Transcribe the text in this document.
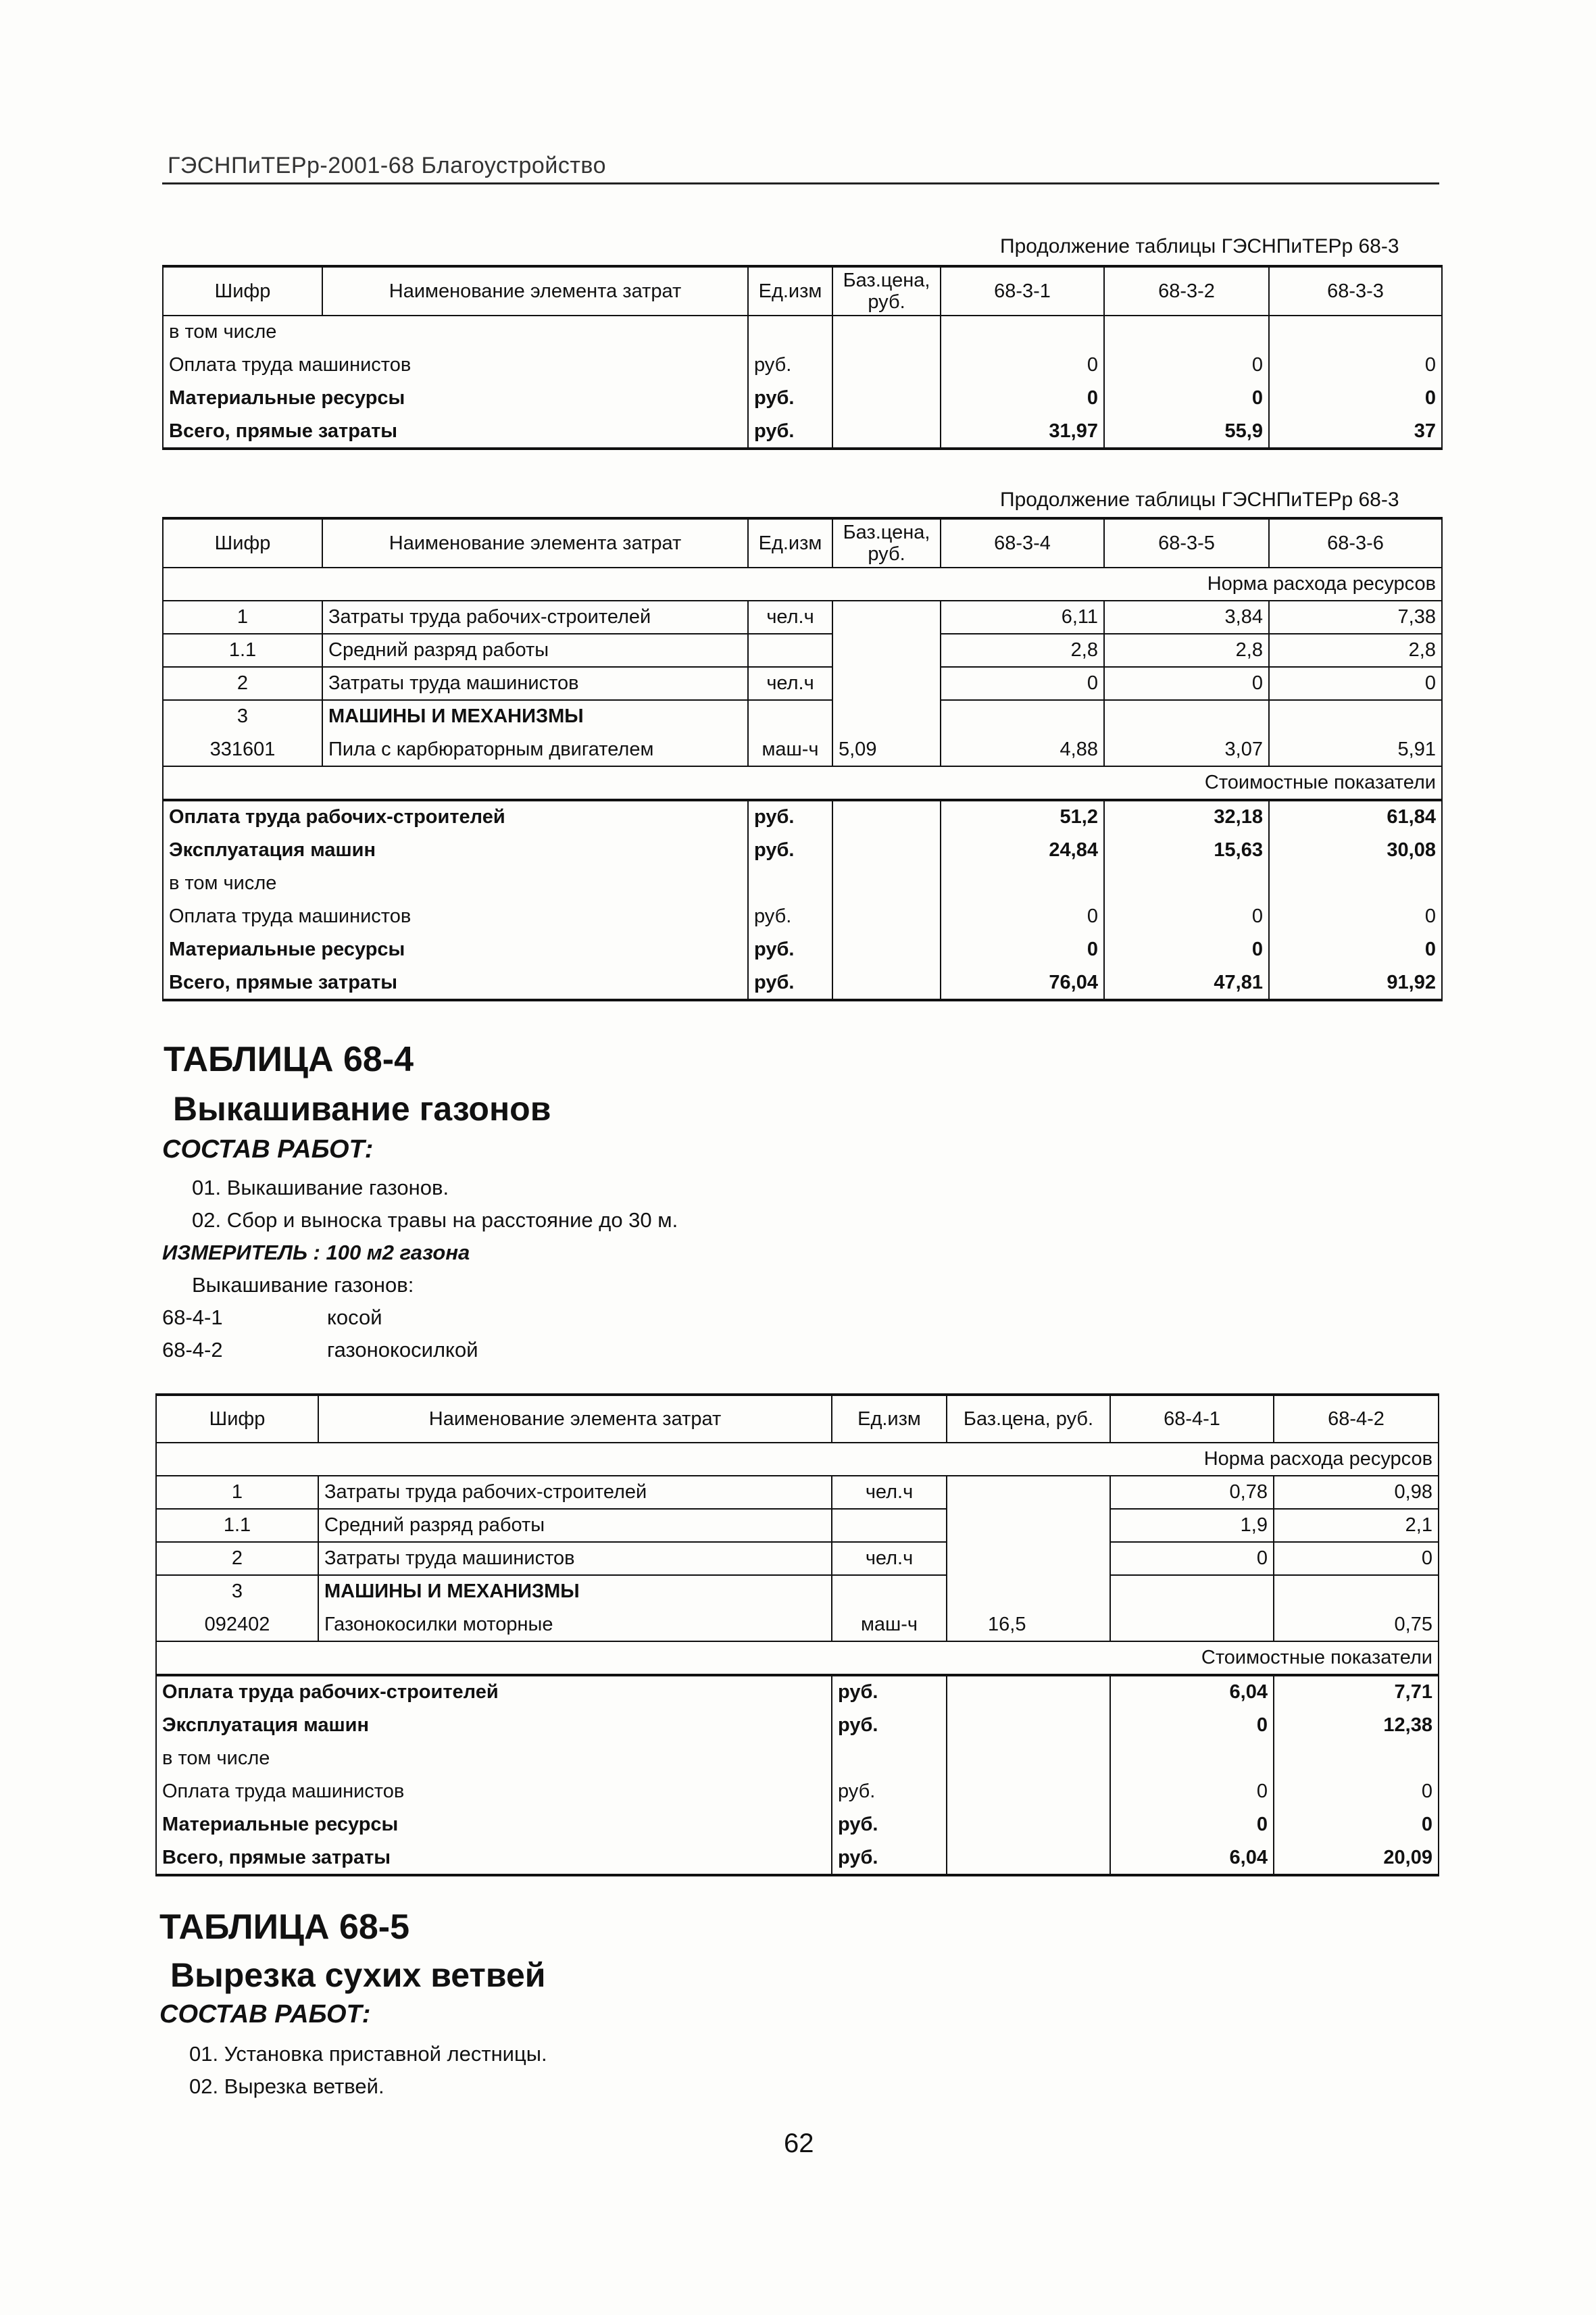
ГЭСНПиТЕРр-2001-68 Благоустройство
Продолжение таблицы ГЭСНПиТЕРр 68-3
Шифр	Наименование элемента затрат	Ед.изм	Баз.цена, руб.	68-3-1	68-3-2	68-3-3
в том числе						
Оплата труда машинистов		руб.		0	0	0
Материальные ресурсы		руб.		0	0	0
Всего, прямые затраты		руб.		31,97	55,9	37
Продолжение таблицы ГЭСНПиТЕРр 68-3
Шифр	Наименование элемента затрат	Ед.изм	Баз.цена, руб.	68-3-4	68-3-5	68-3-6
Норма расхода ресурсов						
1	Затраты труда рабочих-строителей	чел.ч		6,11	3,84	7,38
1.1	Средний разряд работы			2,8	2,8	2,8
2	Затраты труда машинистов	чел.ч		0	0	0
3	МАШИНЫ И МЕХАНИЗМЫ					
331601	Пила с карбюраторным двигателем	маш-ч	5,09	4,88	3,07	5,91
Стоимостные показатели						
Оплата труда рабочих-строителей		руб.		51,2	32,18	61,84
Эксплуатация машин		руб.		24,84	15,63	30,08
в том числе						
Оплата труда машинистов		руб.		0	0	0
Материальные ресурсы		руб.		0	0	0
Всего, прямые затраты		руб.		76,04	47,81	91,92
ТАБЛИЦА 68-4
Выкашивание газонов
СОСТАВ РАБОТ:
01. Выкашивание газонов.
02. Сбор и выноска травы на расстояние до 30 м.
ИЗМЕРИТЕЛЬ : 100 м2 газона
Выкашивание газонов:
68-4-1	косой
68-4-2	газонокосилкой
Шифр	Наименование элемента затрат	Ед.изм	Баз.цена, руб.	68-4-1	68-4-2
Норма расхода ресурсов					
1	Затраты труда рабочих-строителей	чел.ч		0,78	0,98
1.1	Средний разряд работы			1,9	2,1
2	Затраты труда машинистов	чел.ч		0	0
3	МАШИНЫ И МЕХАНИЗМЫ				
092402	Газонокосилки моторные	маш-ч	16,5		0,75
Стоимостные показатели					
Оплата труда рабочих-строителей		руб.		6,04	7,71
Эксплуатация машин		руб.		0	12,38
в том числе					
Оплата труда машинистов		руб.		0	0
Материальные ресурсы		руб.		0	0
Всего, прямые затраты		руб.		6,04	20,09
ТАБЛИЦА 68-5
Вырезка сухих ветвей
СОСТАВ РАБОТ:
01. Установка приставной лестницы.
02. Вырезка ветвей.
62
